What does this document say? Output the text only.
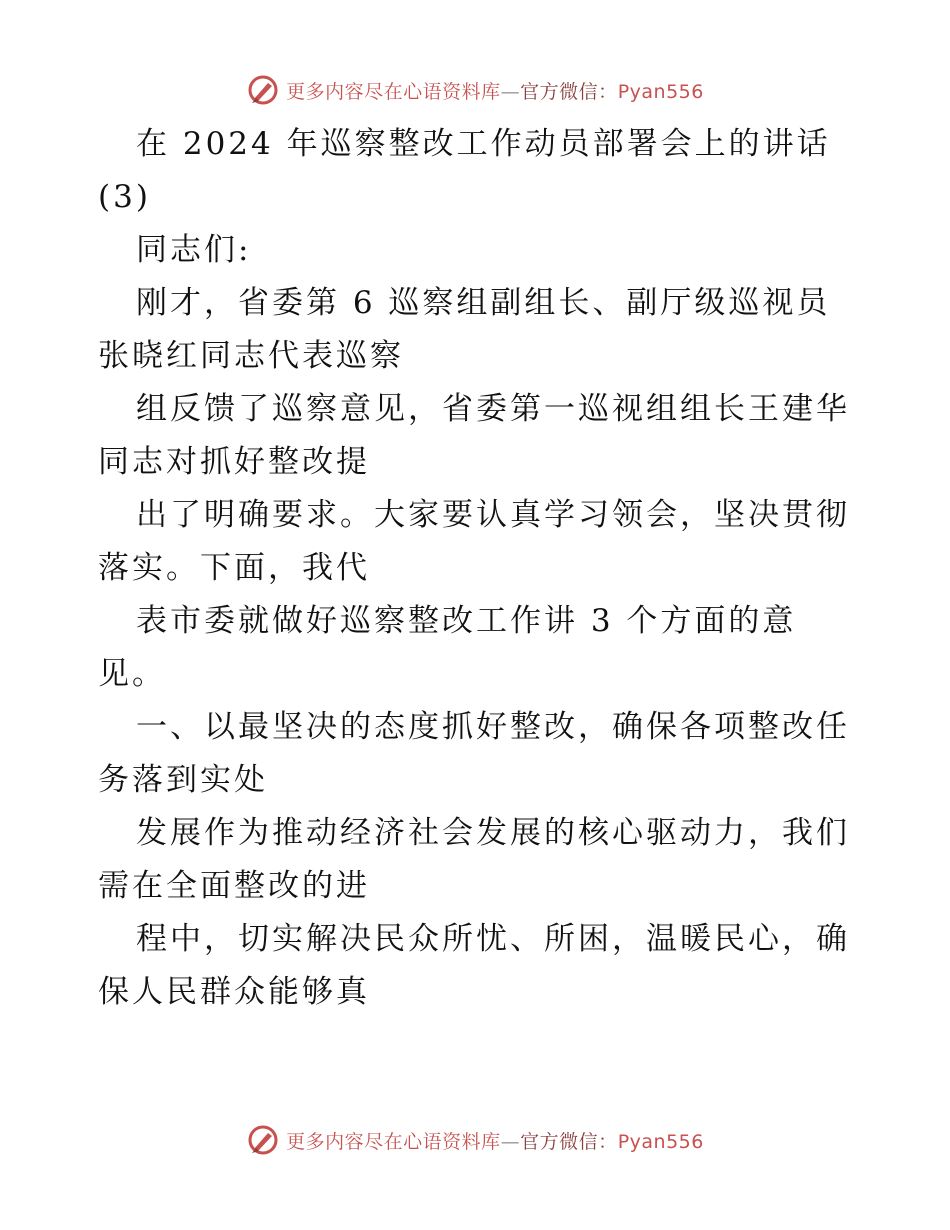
更多内容尽在心语资料库—官方微信：Pyan556
在 2024 年巡察整改工作动员部署会上的讲话
(3)
同志们:
刚才，省委第 6 巡察组副组长、副厅级巡视员
张晓红同志代表巡察
组反馈了巡察意见，省委第一巡视组组长王建华
同志对抓好整改提
出了明确要求。大家要认真学习领会，坚决贯彻
落实。下面，我代
表市委就做好巡察整改工作讲 3 个方面的意
见。
一、以最坚决的态度抓好整改，确保各项整改任
务落到实处
发展作为推动经济社会发展的核心驱动力，我们
需在全面整改的进
程中，切实解决民众所忧、所困，温暖民心，确
保人民群众能够真
更多内容尽在心语资料库—官方微信：Pyan556
